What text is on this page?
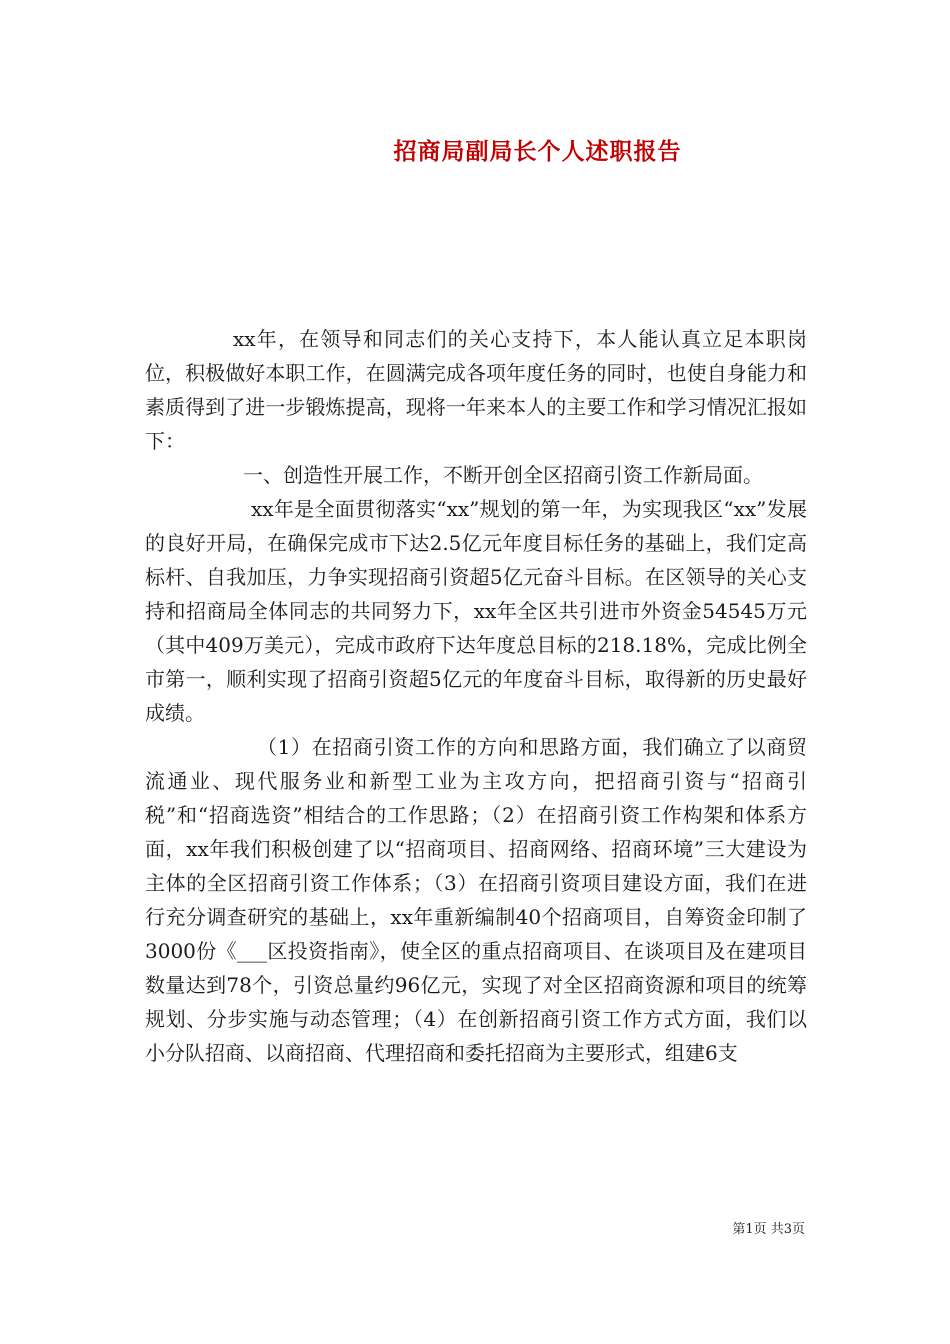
招商局副局长个人述职报告

xx年，在领导和同志们的关心支持下，本人能认真立足本职岗位，积极做好本职工作，在圆满完成各项年度任务的同时，也使自身能力和素质得到了进一步锻炼提高，现将一年来本人的主要工作和学习情况汇报如下：

一、创造性开展工作，不断开创全区招商引资工作新局面。

xx年是全面贯彻落实“xx”规划的第一年，为实现我区“xx”发展的良好开局，在确保完成市下达2.5亿元年度目标任务的基础上，我们定高标杆、自我加压，力争实现招商引资超5亿元奋斗目标。在区领导的关心支持和招商局全体同志的共同努力下，xx年全区共引进市外资金54545万元（其中409万美元），完成市政府下达年度总目标的218.18%，完成比例全市第一，顺利实现了招商引资超5亿元的年度奋斗目标，取得新的历史最好成绩。

（1）在招商引资工作的方向和思路方面，我们确立了以商贸流通业、现代服务业和新型工业为主攻方向，把招商引资与“招商引税”和“招商选资”相结合的工作思路；（2）在招商引资工作构架和体系方面，xx年我们积极创建了以“招商项目、招商网络、招商环境”三大建设为主体的全区招商引资工作体系；（3）在招商引资项目建设方面，我们在进行充分调查研究的基础上，xx年重新编制40个招商项目，自筹资金印制了3000份《___区投资指南》，使全区的重点招商项目、在谈项目及在建项目数量达到78个，引资总量约96亿元，实现了对全区招商资源和项目的统筹规划、分步实施与动态管理；（4）在创新招商引资工作方式方面，我们以小分队招商、以商招商、代理招商和委托招商为主要形式，组建6支

第1页 共3页
